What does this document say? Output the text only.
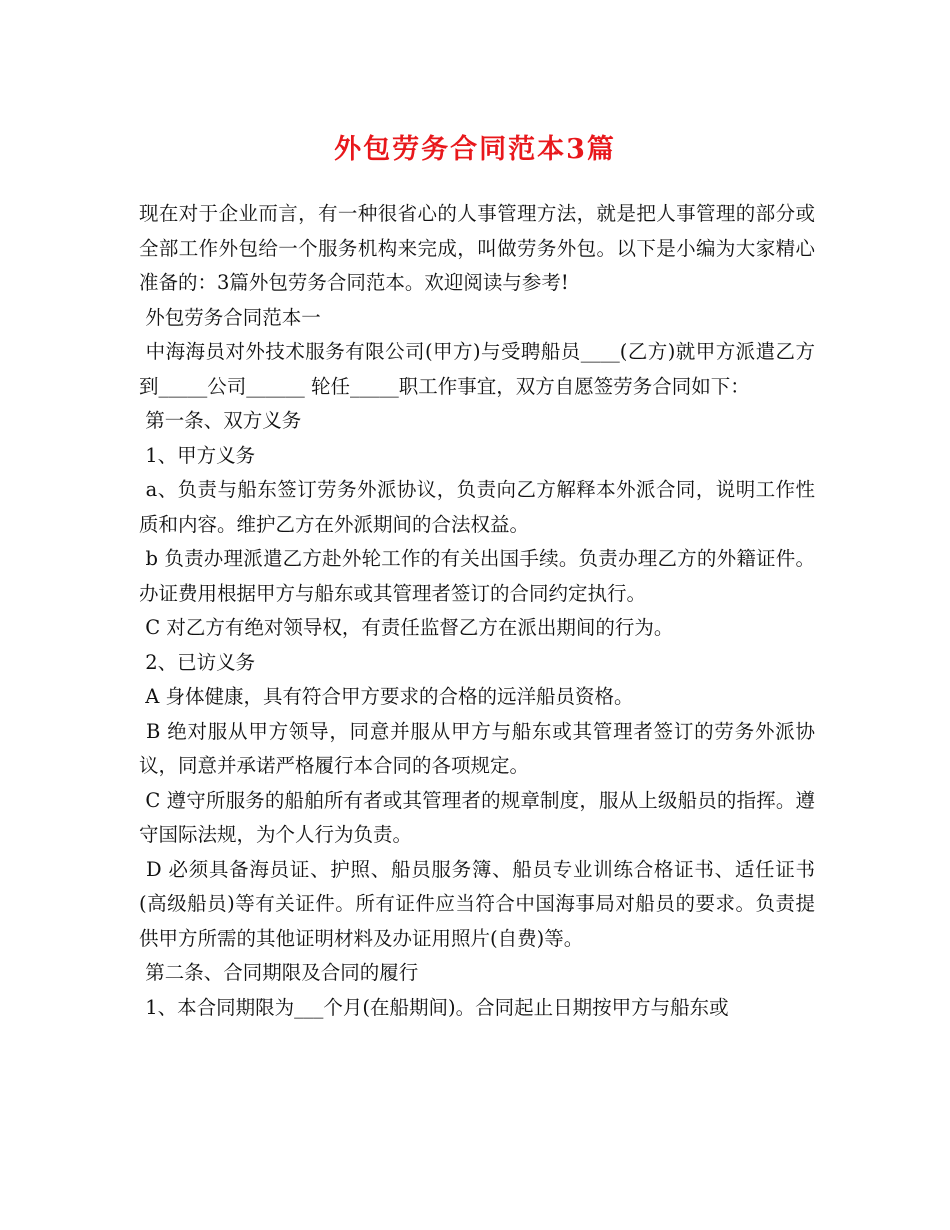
外包劳务合同范本3篇

现在对于企业而言，有一种很省心的人事管理方法，就是把人事管理的部分或全部工作外包给一个服务机构来完成，叫做劳务外包。以下是小编为大家精心准备的：3篇外包劳务合同范本。欢迎阅读与参考!

外包劳务合同范本一

中海海员对外技术服务有限公司(甲方)与受聘船员____(乙方)就甲方派遣乙方到_____公司______ 轮任_____职工作事宜，双方自愿签劳务合同如下：

第一条、双方义务

1、甲方义务

a、负责与船东签订劳务外派协议，负责向乙方解释本外派合同，说明工作性质和内容。维护乙方在外派期间的合法权益。

b 负责办理派遣乙方赴外轮工作的有关出国手续。负责办理乙方的外籍证件。办证费用根据甲方与船东或其管理者签订的合同约定执行。

C 对乙方有绝对领导权，有责任监督乙方在派出期间的行为。

2、已访义务

A 身体健康，具有符合甲方要求的合格的远洋船员资格。

B 绝对服从甲方领导，同意并服从甲方与船东或其管理者签订的劳务外派协议，同意并承诺严格履行本合同的各项规定。

C 遵守所服务的船舶所有者或其管理者的规章制度，服从上级船员的指挥。遵守国际法规，为个人行为负责。

D 必须具备海员证、护照、船员服务簿、船员专业训练合格证书、适任证书(高级船员)等有关证件。所有证件应当符合中国海事局对船员的要求。负责提供甲方所需的其他证明材料及办证用照片(自费)等。

第二条、合同期限及合同的履行

1、本合同期限为___个月(在船期间)。合同起止日期按甲方与船东或
